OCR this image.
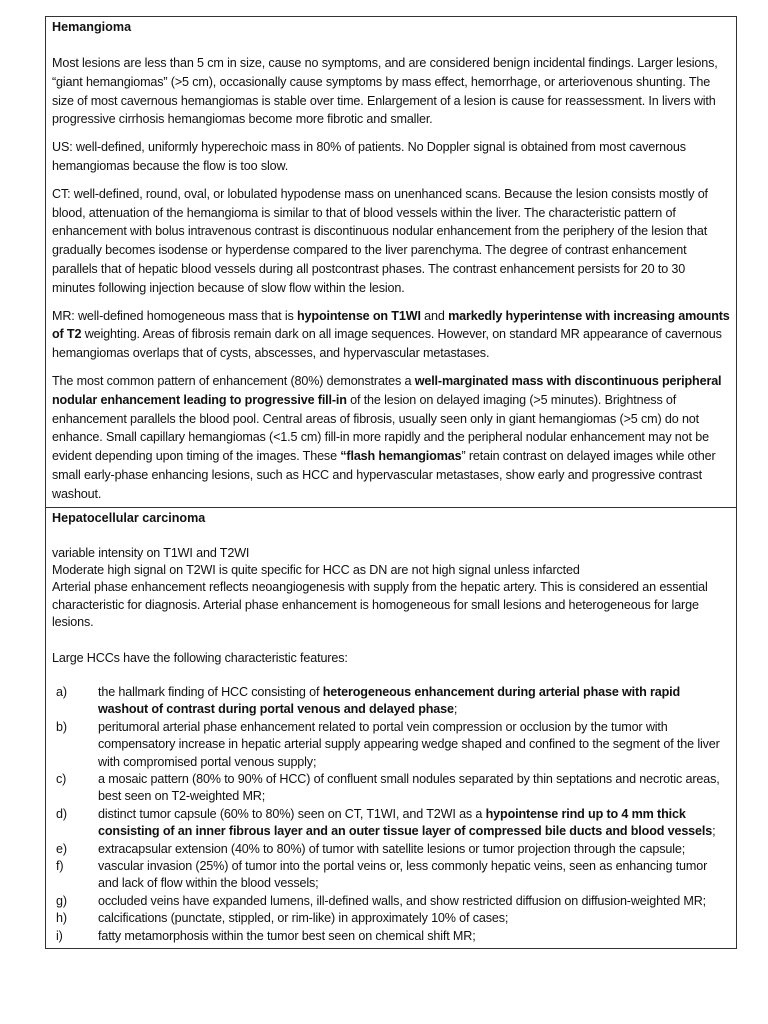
Hemangioma

Most lesions are less than 5 cm in size, cause no symptoms, and are considered benign incidental findings. Larger lesions, “giant hemangiomas” (>5 cm), occasionally cause symptoms by mass effect, hemorrhage, or arteriovenous shunting. The size of most cavernous hemangiomas is stable over time. Enlargement of a lesion is cause for reassessment. In livers with progressive cirrhosis hemangiomas become more fibrotic and smaller.

US: well-defined, uniformly hyperechoic mass in 80% of patients. No Doppler signal is obtained from most cavernous hemangiomas because the flow is too slow.

CT: well-defined, round, oval, or lobulated hypodense mass on unenhanced scans. Because the lesion consists mostly of blood, attenuation of the hemangioma is similar to that of blood vessels within the liver. The characteristic pattern of enhancement with bolus intravenous contrast is discontinuous nodular enhancement from the periphery of the lesion that gradually becomes isodense or hyperdense compared to the liver parenchyma. The degree of contrast enhancement parallels that of hepatic blood vessels during all postcontrast phases. The contrast enhancement persists for 20 to 30 minutes following injection because of slow flow within the lesion.

MR: well-defined homogeneous mass that is hypointense on T1WI and markedly hyperintense with increasing amounts of T2 weighting. Areas of fibrosis remain dark on all image sequences. However, on standard MR appearance of cavernous hemangiomas overlaps that of cysts, abscesses, and hypervascular metastases.

The most common pattern of enhancement (80%) demonstrates a well-marginated mass with discontinuous peripheral nodular enhancement leading to progressive fill-in of the lesion on delayed imaging (>5 minutes). Brightness of enhancement parallels the blood pool. Central areas of fibrosis, usually seen only in giant hemangiomas (>5 cm) do not enhance. Small capillary hemangiomas (<1.5 cm) fill-in more rapidly and the peripheral nodular enhancement may not be evident depending upon timing of the images. These “flash hemangiomas” retain contrast on delayed images while other small early-phase enhancing lesions, such as HCC and hypervascular metastases, show early and progressive contrast washout.

Hepatocellular carcinoma

variable intensity on T1WI and T2WI

Moderate high signal on T2WI is quite specific for HCC as DN are not high signal unless infarcted

Arterial phase enhancement reflects neoangiogenesis with supply from the hepatic artery. This is considered an essential characteristic for diagnosis. Arterial phase enhancement is homogeneous for small lesions and heterogeneous for large lesions.

Large HCCs have the following characteristic features:

a)	the hallmark finding of HCC consisting of heterogeneous enhancement during arterial phase with rapid washout of contrast during portal venous and delayed phase;
b)	peritumoral arterial phase enhancement related to portal vein compression or occlusion by the tumor with compensatory increase in hepatic arterial supply appearing wedge shaped and confined to the segment of the liver with compromised portal venous supply;
c)	a mosaic pattern (80% to 90% of HCC) of confluent small nodules separated by thin septations and necrotic areas, best seen on T2-weighted MR;
d)	distinct tumor capsule (60% to 80%) seen on CT, T1WI, and T2WI as a hypointense rind up to 4 mm thick consisting of an inner fibrous layer and an outer tissue layer of compressed bile ducts and blood vessels;
e)	extracapsular extension (40% to 80%) of tumor with satellite lesions or tumor projection through the capsule;
f)	vascular invasion (25%) of tumor into the portal veins or, less commonly hepatic veins, seen as enhancing tumor and lack of flow within the blood vessels;
g)	occluded veins have expanded lumens, ill-defined walls, and show restricted diffusion on diffusion-weighted MR;
h)	calcifications (punctate, stippled, or rim-like) in approximately 10% of cases;
i)	fatty metamorphosis within the tumor best seen on chemical shift MR;
